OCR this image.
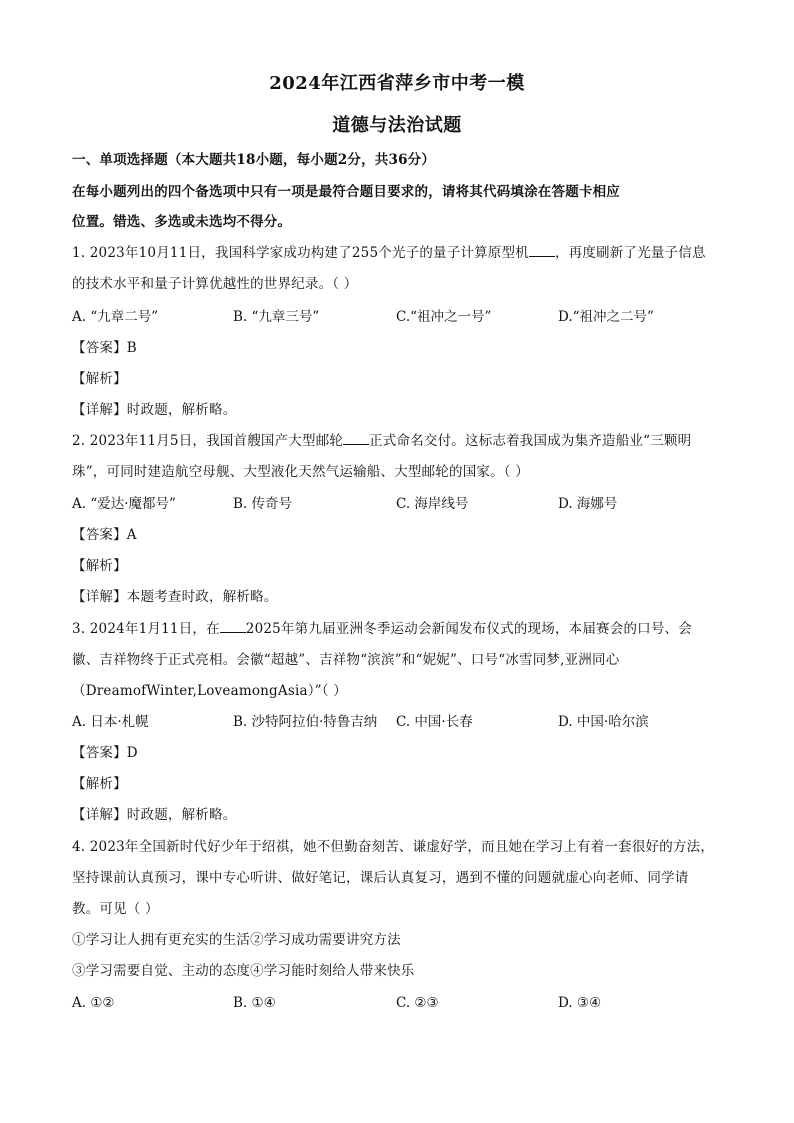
2024年江西省萍乡市中考一模
道德与法治试题
一、单项选择题（本大题共18小题，每小题2分，共36分）
在每小题列出的四个备选项中只有一项是最符合题目要求的，请将其代码填涂在答题卡相应
位置。错选、多选或未选均不得分。
1. 2023年10月11日，我国科学家成功构建了255个光子的量子计算原型机 ，再度刷新了光量子信息
的技术水平和量子计算优越性的世界纪录。（ ）
A. “九章二号”	B. “九章三号”	C.“祖冲之一号”	D.“祖冲之二号”
【答案】B
【解析】
【详解】时政题，解析略。
2. 2023年11月5日，我国首艘国产大型邮轮 正式命名交付。这标志着我国成为集齐造船业“三颗明
珠”，可同时建造航空母舰、大型液化天然气运输船、大型邮轮的国家。（ ）
A. “爱达·魔都号”	B. 传奇号	C. 海岸线号	D. 海娜号
【答案】A
【解析】
【详解】本题考查时政，解析略。
3. 2024年1月11日，在 2025年第九届亚洲冬季运动会新闻发布仪式的现场，本届赛会的口号、会
徽、吉祥物终于正式亮相。会徽“超越”、吉祥物“滨滨”和“妮妮”、口号“冰雪同梦,亚洲同心
（DreamofWinter,LoveamongAsia）”（ ）
A. 日本·札幌	B. 沙特阿拉伯·特鲁吉纳 C. 中国·长春	D. 中国·哈尔滨
【答案】D
【解析】
【详解】时政题，解析略。
4. 2023年全国新时代好少年于绍祺，她不但勤奋刻苦、谦虚好学，而且她在学习上有着一套很好的方法，
坚持课前认真预习，课中专心听讲、做好笔记，课后认真复习，遇到不懂的问题就虚心向老师、同学请
教。可见（ ）
①学习让人拥有更充实的生活②学习成功需要讲究方法
③学习需要自觉、主动的态度④学习能时刻给人带来快乐
A. ①②	B. ①④	C. ②③	D. ③④
